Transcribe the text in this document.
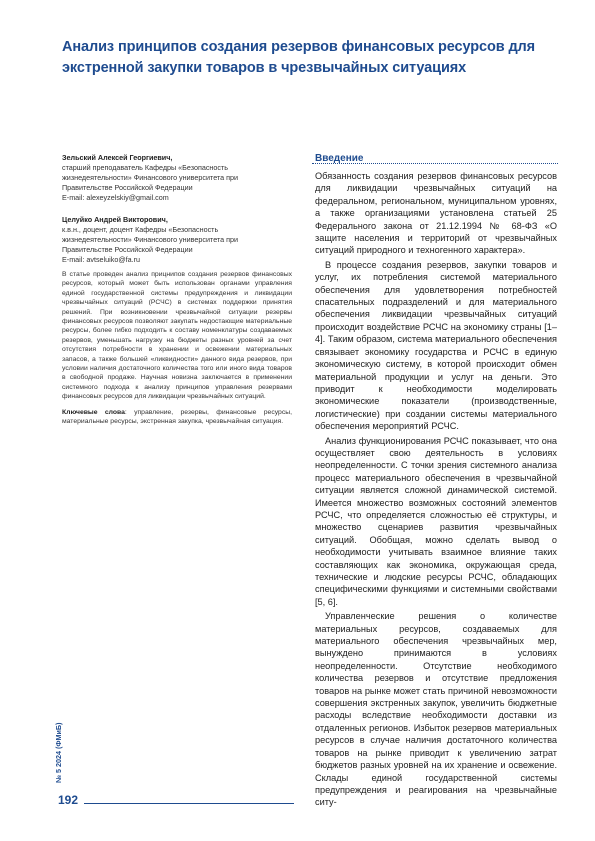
Анализ принципов создания резервов финансовых ресурсов для экстренной закупки товаров в чрезвычайных ситуациях
Зельский Алексей Георгиевич,
старший преподаватель Кафедры «Безопасность
жизнедеятельности» Финансового университета при
Правительстве Российской Федерации
E-mail: alexeyzelskiy@gmail.com
Целуйко Андрей Викторович,
к.в.н., доцент, доцент Кафедры «Безопасность
жизнедеятельности» Финансового университета при
Правительстве Российской Федерации
E-mail: avtseluiko@fa.ru
В статье проведен анализ прицнипов создания резервов финансовых ресурсов, который может быть использован органами управления единой государственной системы предупреждения и ликвидации чрезвычайных ситуаций (РСЧС) в системах поддержки принятия решений. При возникновении чрезвычайной ситуации резервы финансовых ресурсов позволяют закупать недостающие материальные ресурсы, более гибко подходить к составу номенклатуры создаваемых резервов, уменьшать нагрузку на бюджеты разных уровней за счет отсутствия потребности в хранении и освежении материальных запасов, а также большей «ликвидности» данного вида резервов, при условии наличия достаточного количества того или иного вида товаров в свободной продаже. Научная новизна заключается в применении системного подхода к анализу принципов управления резервами финансовых ресурсов для ликвидации чрезвычайных ситуаций.
Ключевые слова: управление, резервы, финансовые ресурсы, материальные ресурсы, экстренная закупка, чрезвычайная ситуация.
Введение

Обязанность создания резервов финансовых ресурсов для ликвидации чрезвычайных ситуаций на федеральном, региональном, муниципальном уровнях, а также организациями установлена статьей 25 Федерального закона от 21.12.1994 № 68-ФЗ «О защите населения и территорий от чрезвычайных ситуаций природного и техногенного характера».

В процессе создания резервов, закупки товаров и услуг, их потребления системой материального обеспечения для удовлетворения потребностей спасательных подразделений и для материального обеспечения ликвидации чрезвычайных ситуаций происходит воздействие РСЧС на экономику страны [1–4]. Таким образом, система материального обеспечения связывает экономику государства и РСЧС в единую экономическую систему, в которой происходит обмен материальной продукции и услуг на деньги. Это приводит к необходимости моделировать экономические показатели (производственные, логистические) при создании системы материального обеспечения мероприятий РСЧС.

Анализ функционирования РСЧС показывает, что она осуществляет свою деятельность в условиях неопределенности. С точки зрения системного анализа процесс материального обеспечения в чрезвычайной ситуации является сложной динамической системой. Имеется множество возможных состояний элементов РСЧС, что определяется сложностью её структуры, и множество сценариев развития чрезвычайных ситуаций. Обобщая, можно сделать вывод о необходимости учитывать взаимное влияние таких составляющих как экономика, окружающая среда, технические и людские ресурсы РСЧС, обладающих специфическими функциями и системными свойствами [5, 6].

Управленческие решения о количестве материальных ресурсов, создаваемых для материального обеспечения чрезвычайных мер, вынуждено принимаются в условиях неопределенности. Отсутствие необходимого количества резервов и отсутствие предложения товаров на рынке может стать причиной невозможности совершения экстренных закупок, увеличить бюджетные расходы вследствие необходимости доставки из отдаленных регионов. Избыток резервов материальных ресурсов в случае наличия достаточного количества товаров на рынке приводит к увеличению затрат бюджетов разных уровней на их хранение и освежение. Склады единой государственной системы предупреждения и реагирования на чрезвычайные ситу-

№ 5 2024 (ФМиБ)
192
